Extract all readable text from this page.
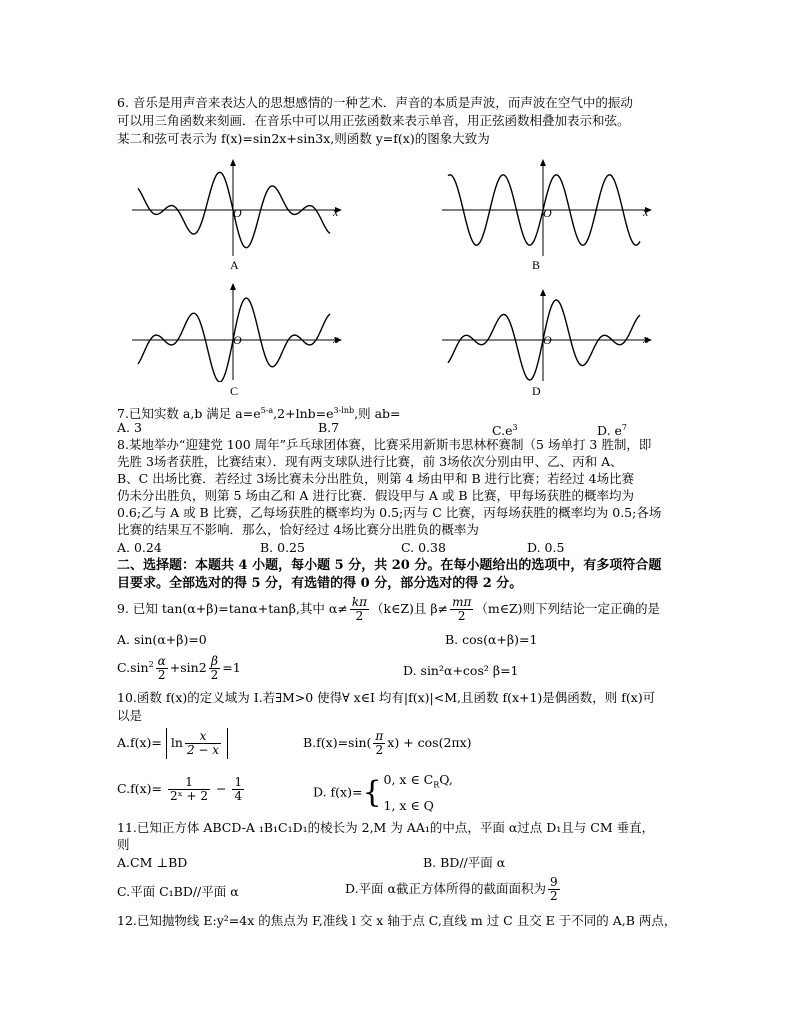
6. 音乐是用声音来表达人的思想感情的一种艺术．声音的本质是声波，而声波在空气中的振动
可以用三角函数来刻画．在音乐中可以用正弦函数来表示单音，用正弦函数相叠加表示和弦。
某二和弦可表示为 f(x)=sin2x+sin3x,则函数 y=f(x)的图象大致为
x
O
A
x
O
B
x
O
C
x
O
D
7.已知实数 a,b 满足 $a=e^{5-a},2+\ln b=e^{3-lnb}$,则 ab=
A. 3	B.7	$C.e^3$	D. $e^7$
8.某地举办“迎建党 100 周年”乒乓球团体赛，比赛采用新斯韦思林杯赛制（5 场单打 3 胜制，即
先胜 3场者获胜，比赛结束）．现有两支球队进行比赛，前 3场依次分别由甲、乙、丙和 A、
B、C 出场比赛．若经过 3场比赛未分出胜负，则第 4 场由甲和 B 进行比赛；若经过 4场比赛
仍未分出胜负，则第 5 场由乙和 A 进行比赛．假设甲与 A 或 B 比赛，甲每场获胜的概率均为
0.6;乙与 A 或 B 比赛，乙每场获胜的概率均为 0.5;丙与 C 比赛，丙每场获胜的概率均为 0.5;各场
比赛的结果互不影响．那么，恰好经过 4场比赛分出胜负的概率为
A. 0.24	B. 0.25	C. 0.38	D. 0.5
二、选择题：本题共 4 小题，每小题 5 分，共 20 分。在每小题给出的选项中，有多项符合题
目要求。全部选对的得 5 分，有选错的得 0 分，部分选对的得 2 分。
9. 已知 tan(α+β)=tanα+tanβ,其中 $\alpha\ne \frac{k\pi}{2}$ （k∈Z)且 $\beta\ne \frac{m\pi}{2}$ （m∈Z)则下列结论一定正确的是
A. sin(α+β)=0	B. cos(α+β)=1
$C.\sin^2 \frac{\alpha}{2} +\sin 2 \frac{\beta}{2} =1$	D. sin²α+cos² β=1
10.函数 f(x)的定义域为 I.若∃M>0 使得∀ x∈I 均有|f(x)|<M,且函数 f(x+1)是偶函数，则 f(x)可
以是
$A.f(x)= \ln \frac{x}{2 - x}$	$B.f(x)=\sin( \frac{\pi}{2} x) + \cos(2\pi x)$
$C.f(x)= \frac{1}{\text{2ˣ + 2}} - \frac{1}{4}$	D. f(x)={ 0, x ∈ $C_RQ$,
1, x ∈ Q
11.已知正方体 ABCD-A ₁B₁C₁D₁的棱长为 2,M 为 AA₁的中点，平面 α过点 D₁且与 CM 垂直，
则
A.CM ⊥BD	B. BD//平面 α
C.平面 C₁BD//平面 α	D.平面 α截正方体所得的截面面积为 $\frac{9}{2}$
12.已知抛物线 E:y²=4x 的焦点为 F,准线 l 交 x 轴于点 C,直线 m 过 C 且交 E 于不同的 A,B 两点，
